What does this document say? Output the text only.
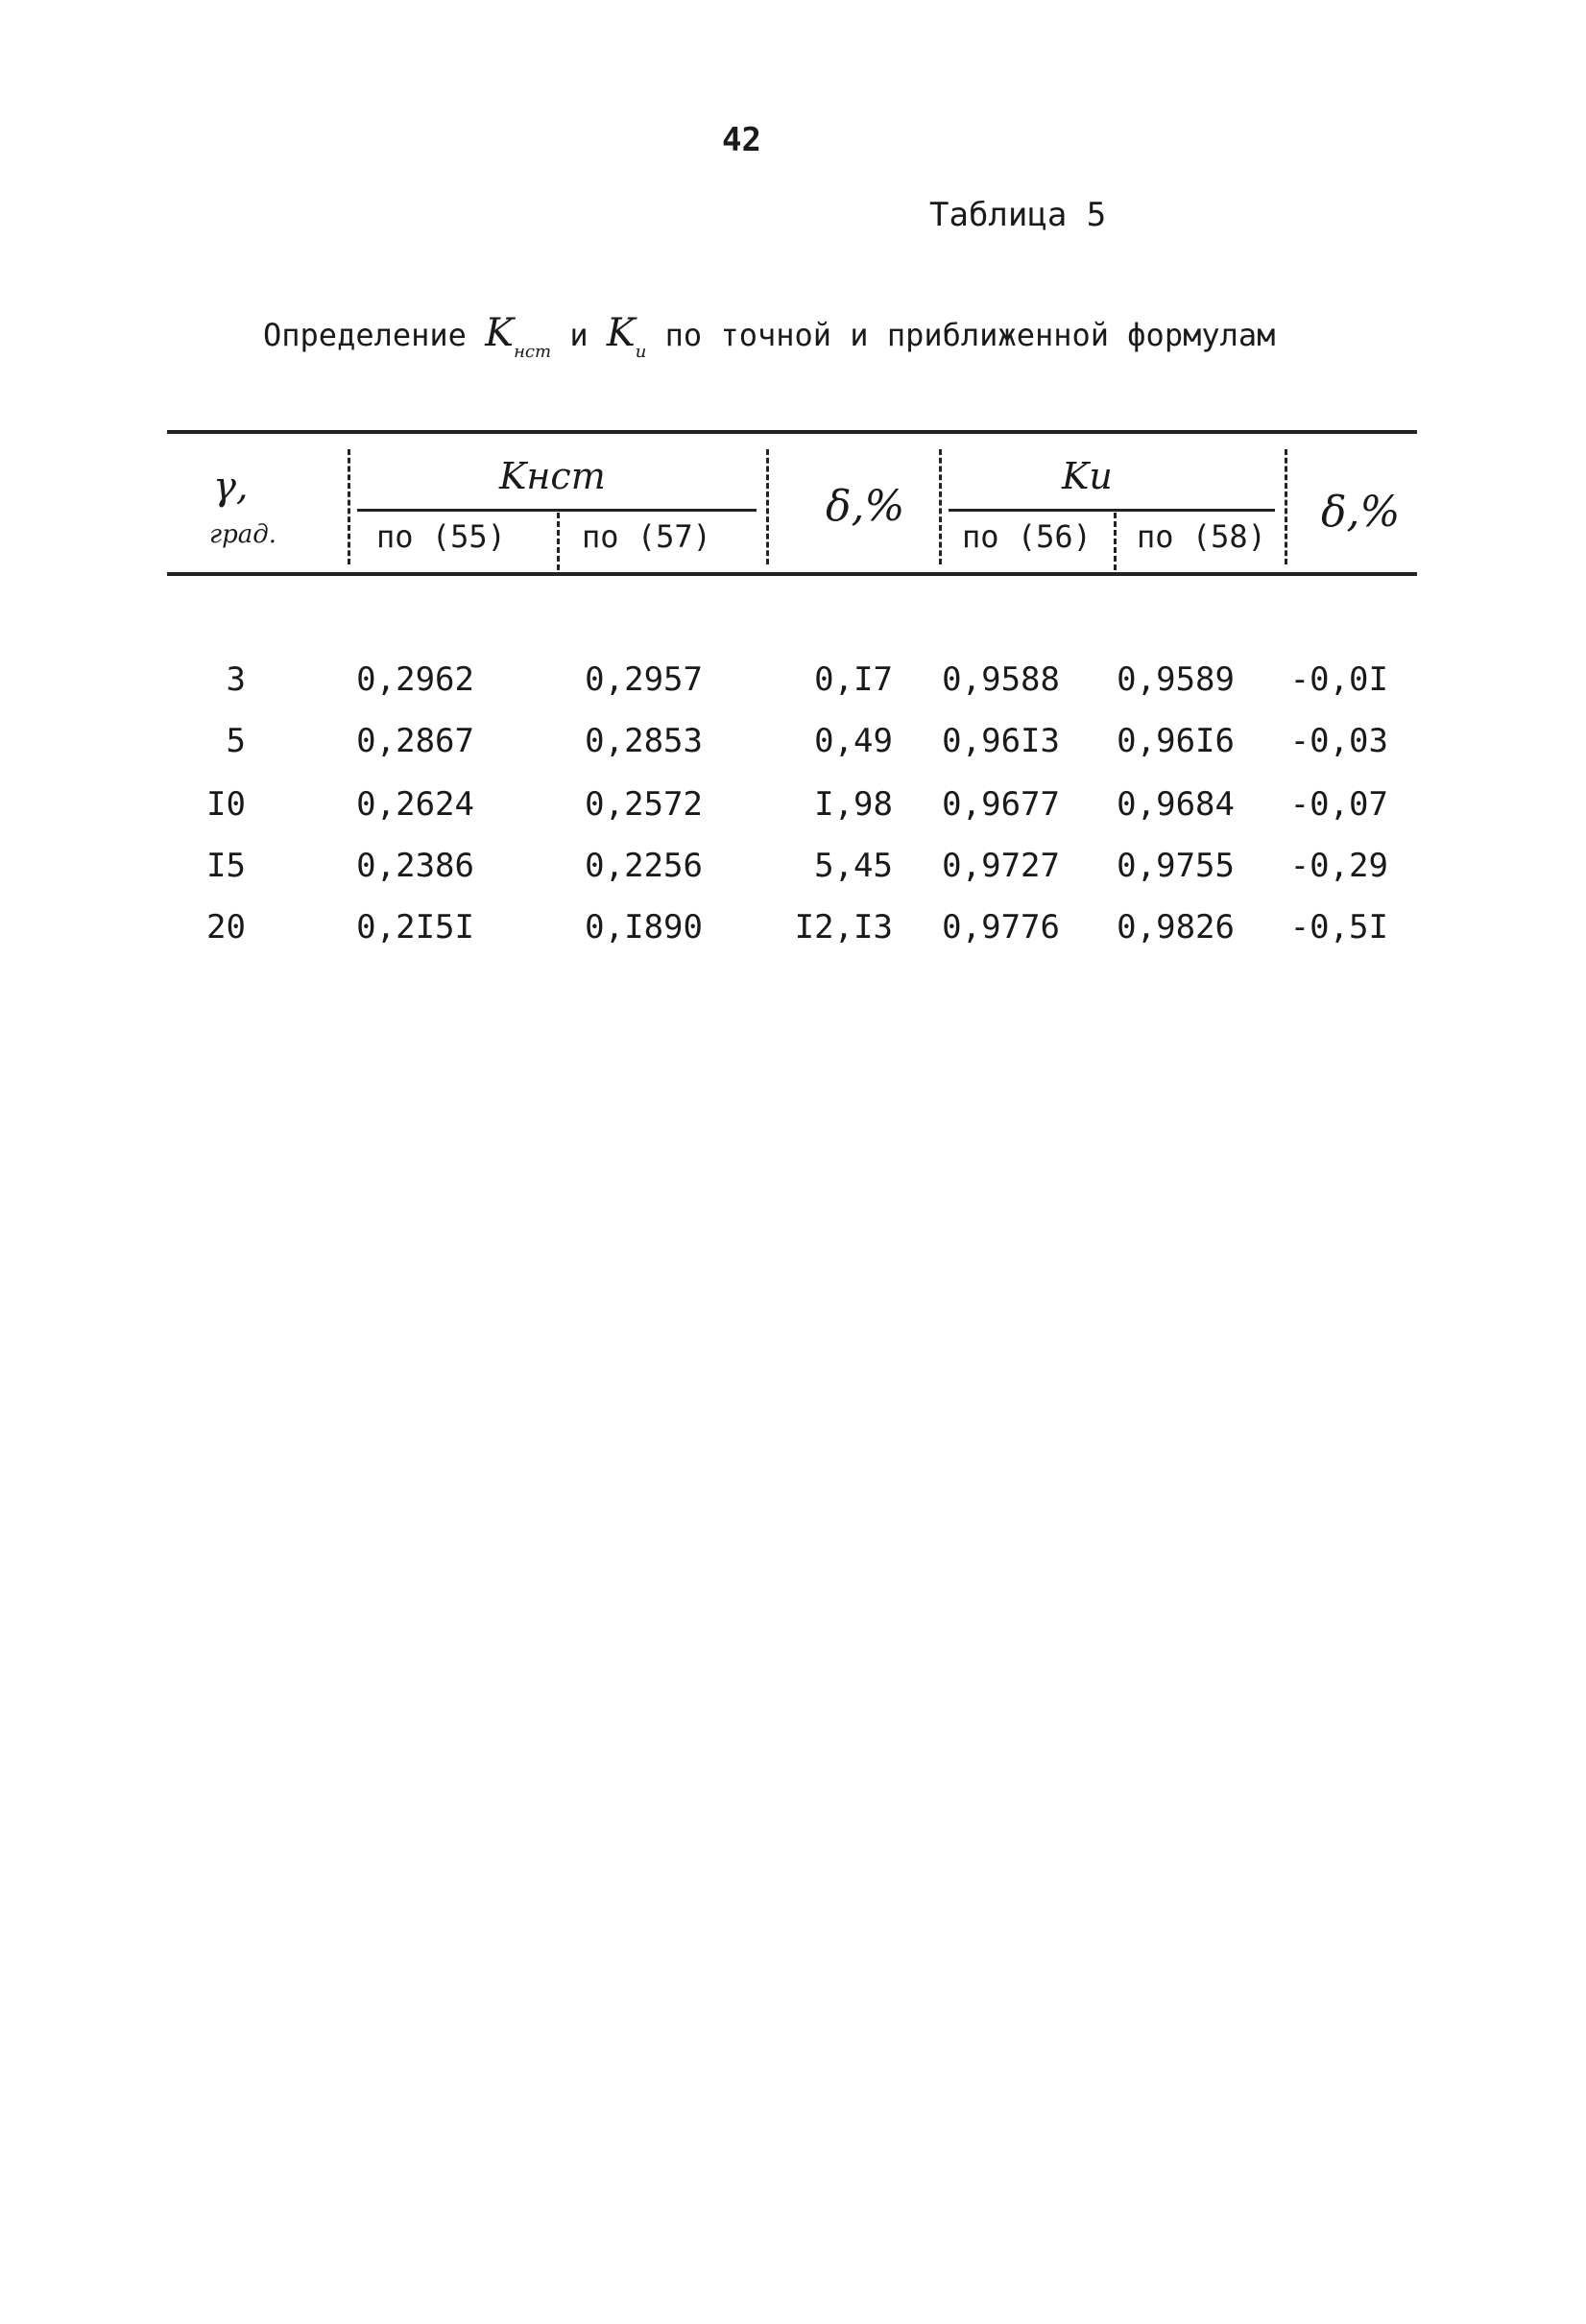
42
Таблица 5
Определение $K_{нст}$ и $K_и$ по точной и приближенной формулам
γ,
град.
Kнст
по (55) по (57)
δ,%
Kи
по (56) по (58) δ,%
3	0,2962	0,2957	0,I7	0,9588	0,9589	-0,0I
5	0,2867	0,2853	0,49	0,96I3	0,96I6	-0,03
I0	0,2624	0,2572	I,98	0,9677	0,9684	-0,07
I5	0,2386	0,2256	5,45	0,9727	0,9755	-0,29
20	0,2I5I	0,I890	I2,I3	0,9776	0,9826	-0,5I
